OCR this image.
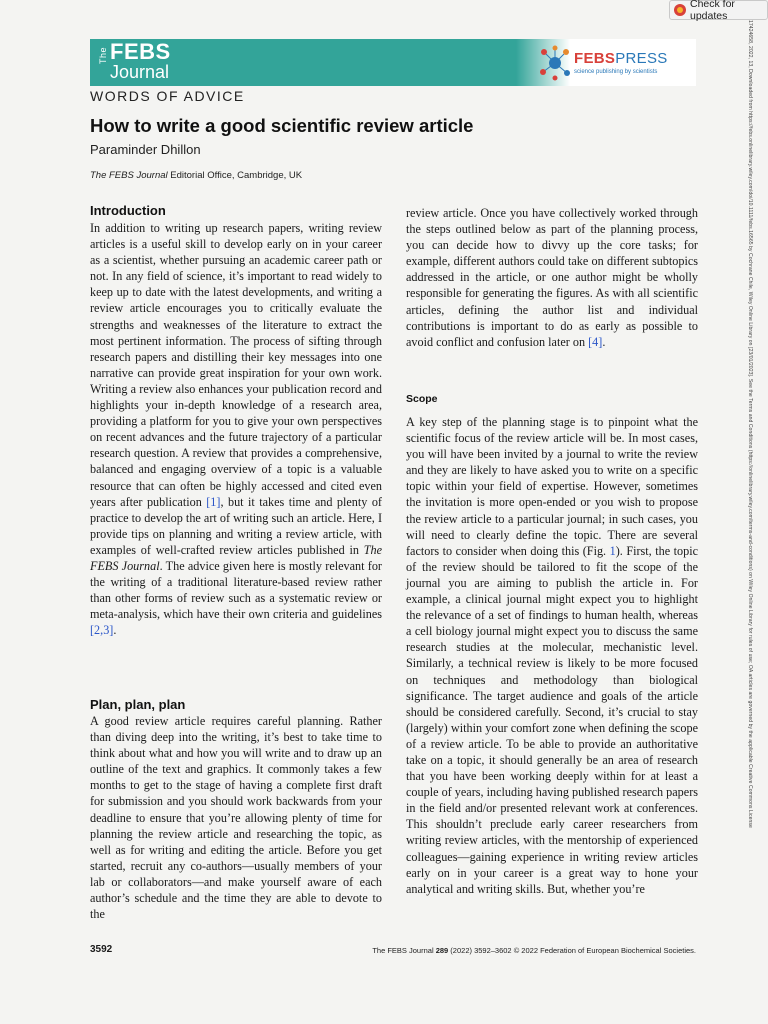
Check for updates
The FEBS
Journal
FEBSPRESS
science publishing by scientists
WORDS OF ADVICE
How to write a good scientific review article
Paraminder Dhillon
The FEBS Journal Editorial Office, Cambridge, UK
Introduction

In addition to writing up research papers, writing review articles is a useful skill to develop early on in your career as a scientist, whether pursuing an academic career path or not. In any field of science, it’s important to read widely to keep up to date with the latest developments, and writing a review article encourages you to critically evaluate the strengths and weaknesses of the literature to extract the most pertinent information. The process of sifting through research papers and distilling their key messages into one narrative can provide great inspiration for your own work. Writing a review also enhances your publication record and highlights your in-depth knowledge of a research area, providing a platform for you to give your own perspectives on recent advances and the future trajectory of a particular research question. A review that provides a comprehensive, balanced and engaging overview of a topic is a valuable resource that can often be highly accessed and cited even years after publication [1], but it takes time and plenty of practice to develop the art of writing such an article. Here, I provide tips on planning and writing a review article, with examples of well-crafted review articles published in The FEBS Journal. The advice given here is mostly relevant for the writing of a traditional literature-based review rather than other forms of review such as a systematic review or meta-analysis, which have their own criteria and guidelines [2,3].

Plan, plan, plan

A good review article requires careful planning. Rather than diving deep into the writing, it’s best to take time to think about what and how you will write and to draw up an outline of the text and graphics. It commonly takes a few months to get to the stage of having a complete first draft for submission and you should work backwards from your deadline to ensure that you’re allowing plenty of time for planning the review article and researching the topic, as well as for writing and editing the article. Before you get started, recruit any co-authors—usually members of your lab or collaborators—and make yourself aware of each author’s schedule and the time they are able to devote to the

review article. Once you have collectively worked through the steps outlined below as part of the planning process, you can decide how to divvy up the core tasks; for example, different authors could take on different subtopics addressed in the article, or one author might be wholly responsible for generating the figures. As with all scientific articles, defining the author list and individual contributions is important to do as early as possible to avoid conflict and confusion later on [4].

Scope

A key step of the planning stage is to pinpoint what the scientific focus of the review article will be. In most cases, you will have been invited by a journal to write the review and they are likely to have asked you to write on a specific topic within your field of expertise. However, sometimes the invitation is more open-ended or you wish to propose the review article to a particular journal; in such cases, you will need to clearly define the topic. There are several factors to consider when doing this (Fig. 1). First, the topic of the review should be tailored to fit the scope of the journal you are aiming to publish the article in. For example, a clinical journal might expect you to highlight the relevance of a set of findings to human health, whereas a cell biology journal might expect you to discuss the same research studies at the molecular, mechanistic level. Similarly, a technical review is likely to be more focused on techniques and methodology than biological significance. The target audience and goals of the article should be considered carefully. Second, it’s crucial to stay (largely) within your comfort zone when defining the scope of a review article. To be able to provide an authoritative take on a topic, it should generally be an area of research that you have been working deeply within for at least a couple of years, including having published research papers in the field and/or presented relevant work at conferences. This shouldn’t preclude early career researchers from writing review articles, with the mentorship of experienced colleagues—gaining experience in writing review articles early on in your career is a great way to hone your analytical and writing skills. But, whether you’re

3592	The FEBS Journal 289 (2022) 3592–3602 © 2022 Federation of European Biochemical Societies.
17424658, 2022, 13, Downloaded from https://febs.onlinelibrary.wiley.com/doi/10.1111/febs.16565 by Cochrane Chile, Wiley Online Library on [23/01/2023]. See the Terms and Conditions (https://onlinelibrary.wiley.com/terms-and-conditions) on Wiley Online Library for rules of use; OA articles are governed by the applicable Creative Commons License
